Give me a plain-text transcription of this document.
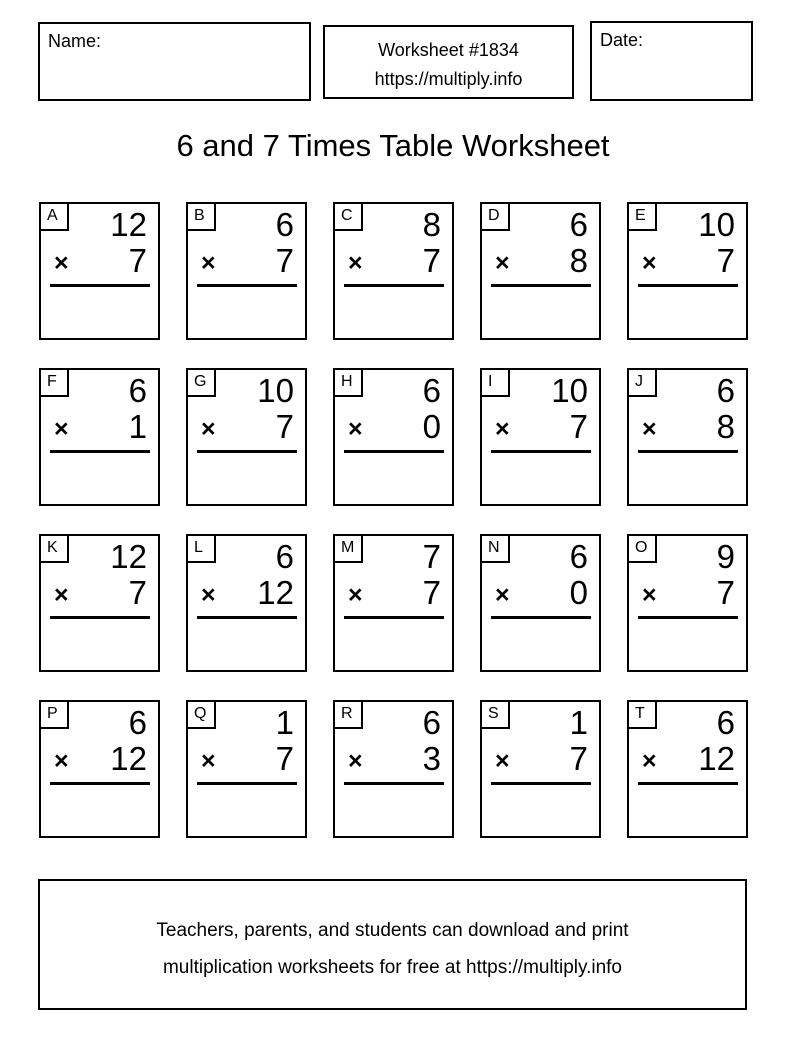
Name:	Worksheet #1834
https://multiply.info
Date:
6 and 7 Times Table Worksheet
A	12
× 7
B	6
× 7
C	8
× 7
D	6
× 8
E	10
× 7
F	6
× 1
G 10
× 7
H	6
× 0
I	10
× 7
J	6
× 8
K	12
× 7
L	6
× 12
M 7
× 7
N	6
× 0
O 9
× 7
P	6
× 12
Q 1
× 7
R	6
× 3
S	1
× 7
T	6
× 12
Teachers, parents, and students can download and print
multiplication worksheets for free at https://multiply.info
